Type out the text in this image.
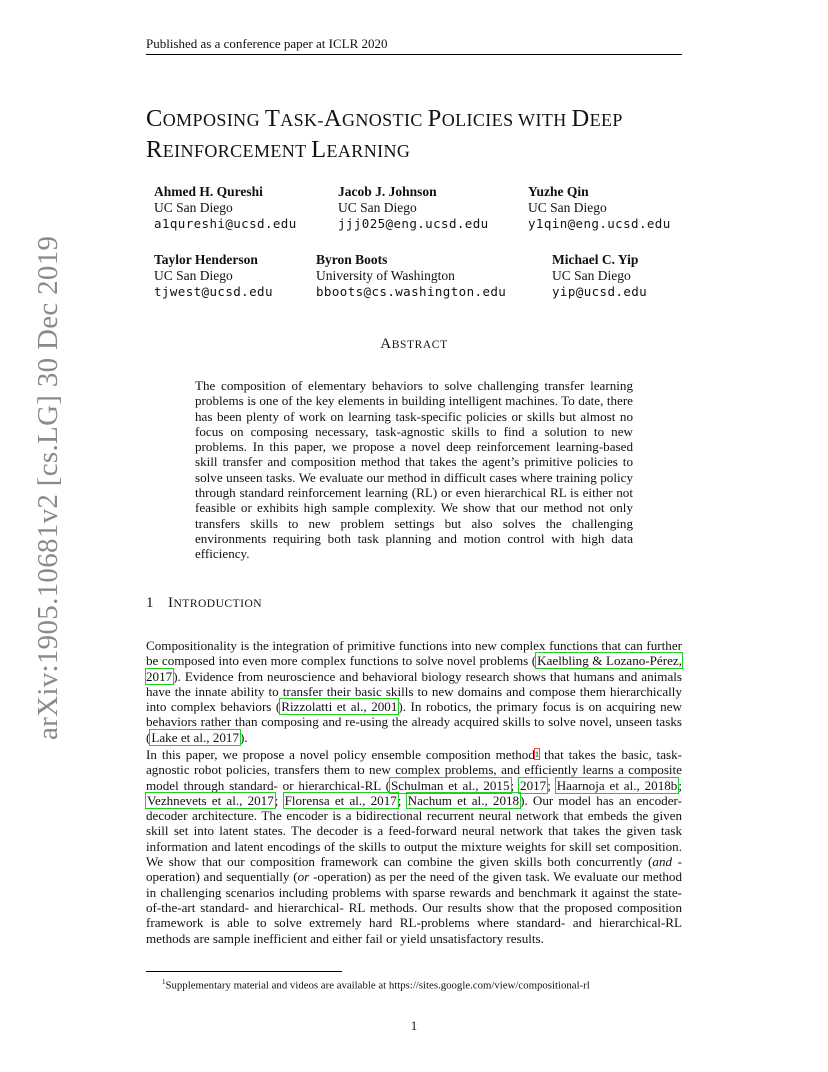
Published as a conference paper at ICLR 2020
arXiv:1905.10681v2 [cs.LG] 30 Dec 2019
COMPOSING TASK-AGNOSTIC POLICIES WITH DEEP
REINFORCEMENT LEARNING
Ahmed H. Qureshi
UC San Diego
a1qureshi@ucsd.edu
Jacob J. Johnson
UC San Diego
jjj025@eng.ucsd.edu
Yuzhe Qin
UC San Diego
y1qin@eng.ucsd.edu
Taylor Henderson
UC San Diego
tjwest@ucsd.edu
Byron Boots
University of Washington
bboots@cs.washington.edu
Michael C. Yip
UC San Diego
yip@ucsd.edu
ABSTRACT
The composition of elementary behaviors to solve challenging transfer learning problems is one of the key elements in building intelligent machines. To date, there has been plenty of work on learning task-specific policies or skills but almost no focus on composing necessary, task-agnostic skills to find a solution to new problems. In this paper, we propose a novel deep reinforcement learning-based skill transfer and composition method that takes the agent’s primitive policies to solve unseen tasks. We evaluate our method in difficult cases where training policy through standard reinforcement learning (RL) or even hierarchical RL is either not feasible or exhibits high sample complexity. We show that our method not only transfers skills to new problem settings but also solves the challenging environments requiring both task planning and motion control with high data efficiency.
1 INTRODUCTION
Compositionality is the integration of primitive functions into new complex functions that can further be composed into even more complex functions to solve novel problems (Kaelbling & Lozano-Pérez, 2017). Evidence from neuroscience and behavioral biology research shows that humans and animals have the innate ability to transfer their basic skills to new domains and compose them hierarchically into complex behaviors (Rizzolatti et al., 2001). In robotics, the primary focus is on acquiring new behaviors rather than composing and re-using the already acquired skills to solve novel, unseen tasks (Lake et al., 2017).
In this paper, we propose a novel policy ensemble composition method$^1$ that takes the basic, task-agnostic robot policies, transfers them to new complex problems, and efficiently learns a composite model through standard- or hierarchical-RL (Schulman et al., 2015; 2017; Haarnoja et al., 2018b; Vezhnevets et al., 2017; Florensa et al., 2017; Nachum et al., 2018). Our model has an encoder-decoder architecture. The encoder is a bidirectional recurrent neural network that embeds the given skill set into latent states. The decoder is a feed-forward neural network that takes the given task information and latent encodings of the skills to output the mixture weights for skill set composition. We show that our composition framework can combine the given skills both concurrently (and -operation) and sequentially (or -operation) as per the need of the given task. We evaluate our method in challenging scenarios including problems with sparse rewards and benchmark it against the state-of-the-art standard- and hierarchical- RL methods. Our results show that the proposed composition framework is able to solve extremely hard RL-problems where standard- and hierarchical-RL methods are sample inefficient and either fail or yield unsatisfactory results.
$^1$Supplementary material and videos are available at https://sites.google.com/view/compositional-rl
1
